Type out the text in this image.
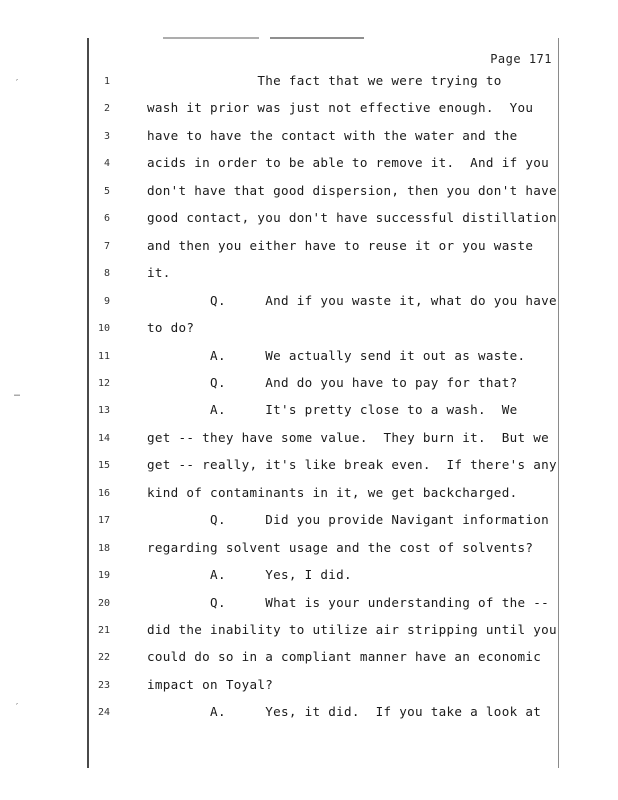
Page 171
′
…
′
1	The fact that we were trying to
2	wash it prior was just not effective enough.  You
3	have to have the contact with the water and the
4	acids in order to be able to remove it.  And if you
5	don't have that good dispersion, then you don't have
6	good contact, you don't have successful distillation
7	and then you either have to reuse it or you waste
8	it.
9	Q.     And if you waste it, what do you have
10	to do?
11	A.     We actually send it out as waste.
12	Q.     And do you have to pay for that?
13	A.     It's pretty close to a wash.  We
14	get -- they have some value.  They burn it.  But we
15	get -- really, it's like break even.  If there's any
16	kind of contaminants in it, we get backcharged.
17	Q.     Did you provide Navigant information
18	regarding solvent usage and the cost of solvents?
19	A.     Yes, I did.
20	Q.     What is your understanding of the --
21	did the inability to utilize air stripping until you
22	could do so in a compliant manner have an economic
23	impact on Toyal?
24	A.     Yes, it did.  If you take a look at
